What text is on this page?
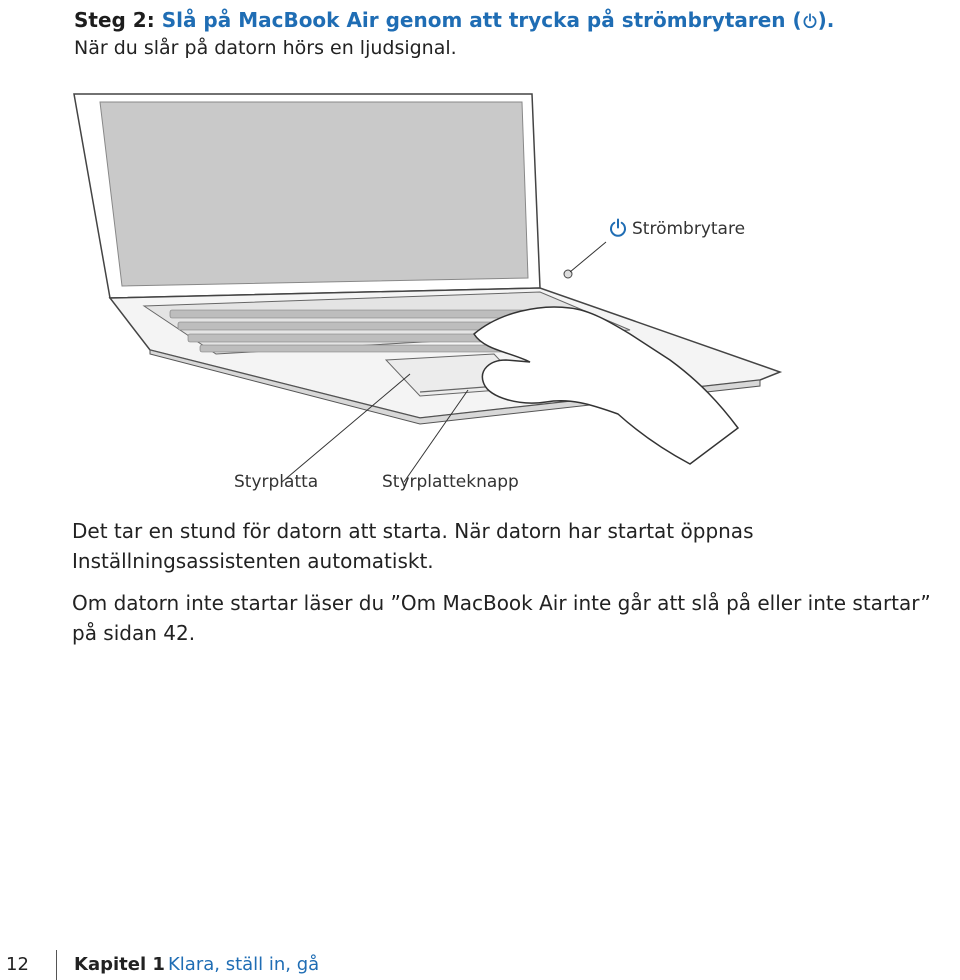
Steg 2: Slå på MacBook Air genom att trycka på strömbrytaren ( ).
När du slår på datorn hörs en ljudsignal.
Strömbrytare
Styrplatta	Styrplatteknapp

Det tar en stund för datorn att starta. När datorn har startat öppnas Inställningsassistenten automatiskt.

Om datorn inte startar läser du ”Om MacBook Air inte går att slå på eller inte startar” på sidan 42.

12	Kapitel 1 Klara, ställ in, gå
